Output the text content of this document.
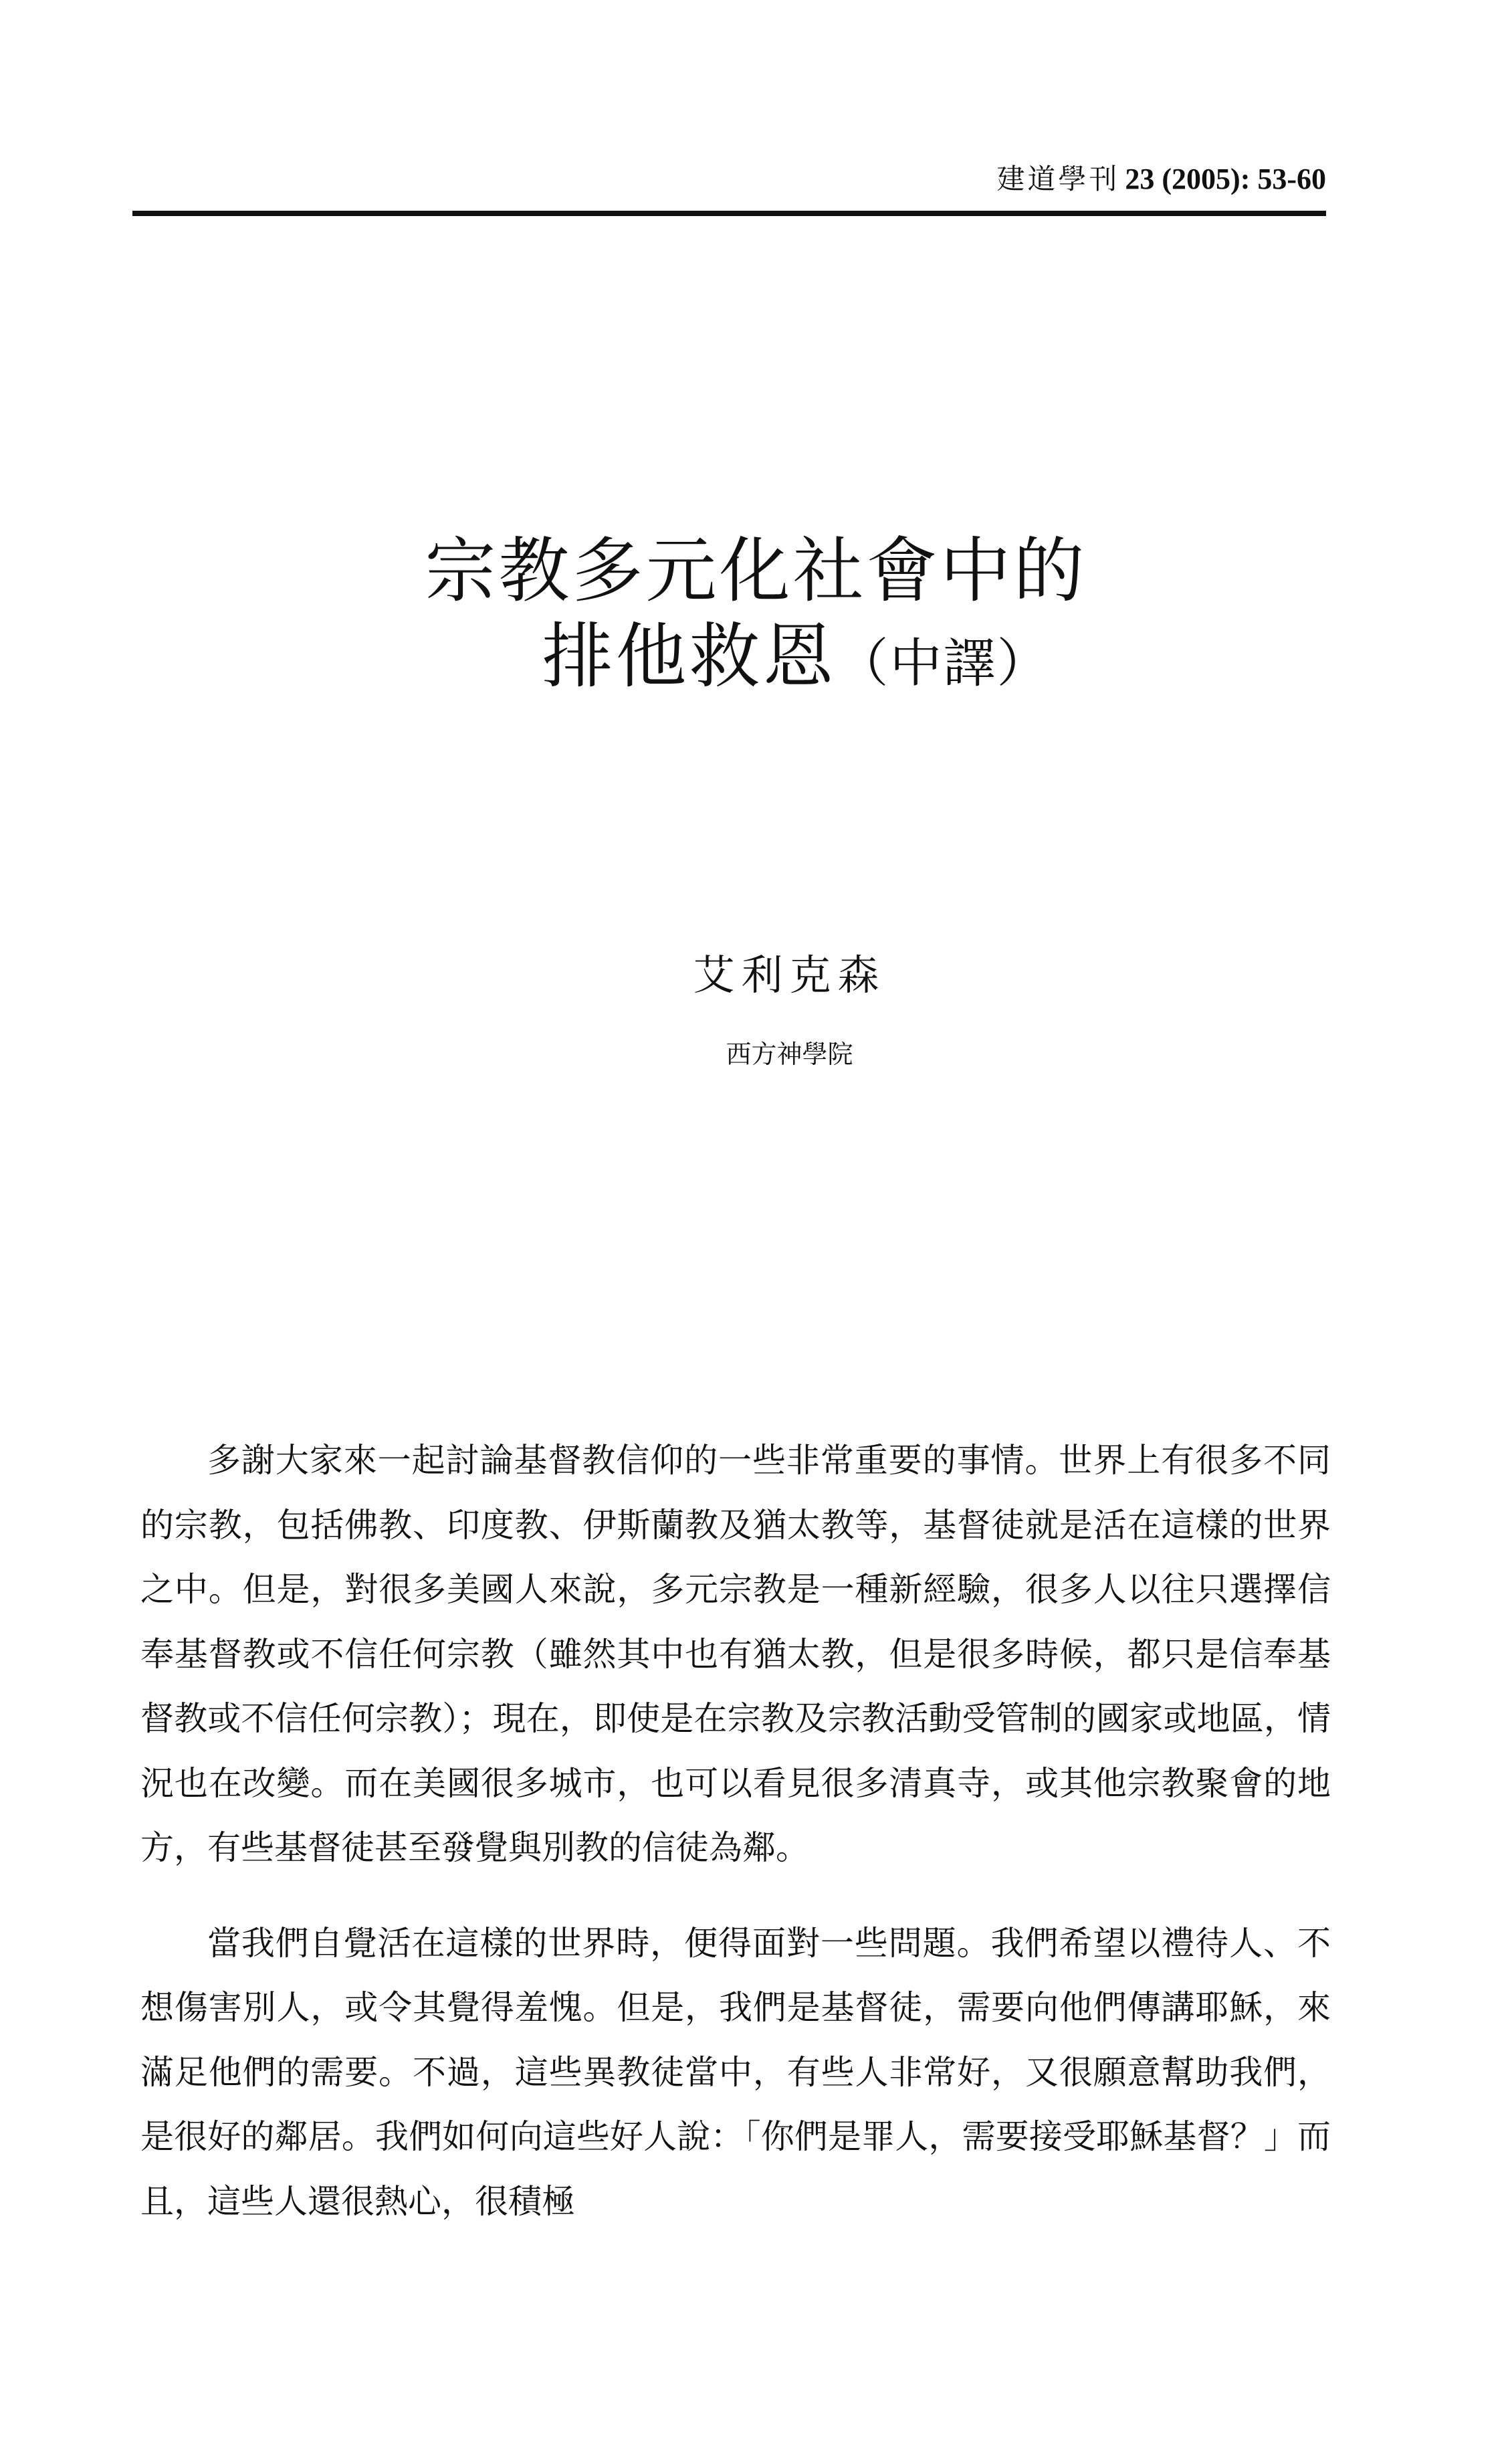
建道學刊 23 (2005): 53-60
宗教多元化社會中的
排他救恩（中譯）
艾利克森
西方神學院

多謝大家來一起討論基督教信仰的一些非常重要的事情。世界上有很多不同的宗教，包括佛教、印度教、伊斯蘭教及猶太教等，基督徒就是活在這樣的世界之中。但是，對很多美國人來說，多元宗教是一種新經驗，很多人以往只選擇信奉基督教或不信任何宗教（雖然其中也有猶太教，但是很多時候，都只是信奉基督教或不信任何宗教）；現在，即使是在宗教及宗教活動受管制的國家或地區，情況也在改變。而在美國很多城市，也可以看見很多清真寺，或其他宗教聚會的地方，有些基督徒甚至發覺與別教的信徒為鄰。

當我們自覺活在這樣的世界時，便得面對一些問題。我們希望以禮待人、不想傷害別人，或令其覺得羞愧。但是，我們是基督徒，需要向他們傳講耶穌，來滿足他們的需要。不過，這些異教徒當中，有些人非常好，又很願意幫助我們，是很好的鄰居。我們如何向這些好人說：「你們是罪人，需要接受耶穌基督？」而且，這些人還很熱心，很積極
